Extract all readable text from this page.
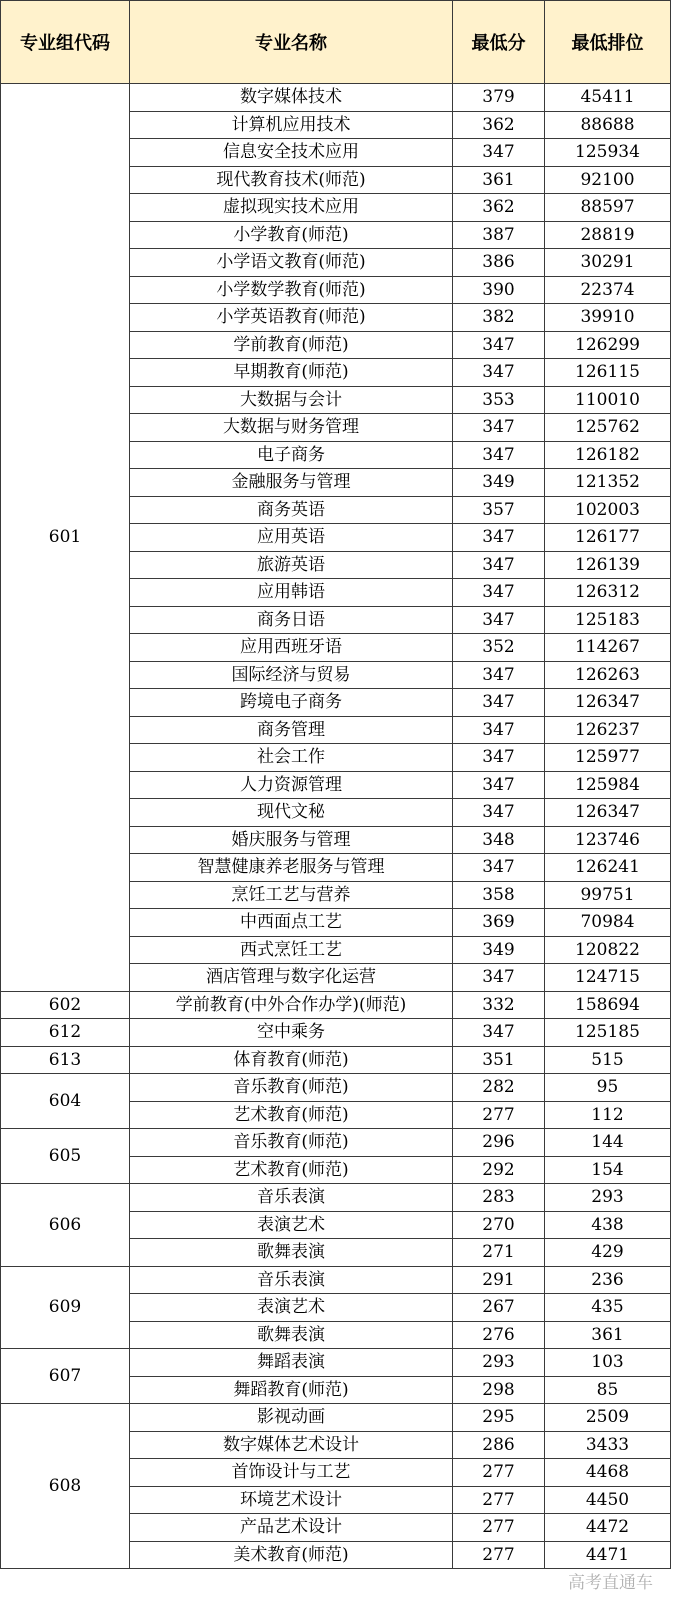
专业组代码	专业名称	最低分	最低排位
601	数字媒体技术	379	45411
	计算机应用技术	362	88688
	信息安全技术应用	347	125934
	现代教育技术(师范)	361	92100
	虚拟现实技术应用	362	88597
	小学教育(师范)	387	28819
	小学语文教育(师范)	386	30291
	小学数学教育(师范)	390	22374
	小学英语教育(师范)	382	39910
	学前教育(师范)	347	126299
	早期教育(师范)	347	126115
	大数据与会计	353	110010
	大数据与财务管理	347	125762
	电子商务	347	126182
	金融服务与管理	349	121352
	商务英语	357	102003
	应用英语	347	126177
	旅游英语	347	126139
	应用韩语	347	126312
	商务日语	347	125183
	应用西班牙语	352	114267
	国际经济与贸易	347	126263
	跨境电子商务	347	126347
	商务管理	347	126237
	社会工作	347	125977
	人力资源管理	347	125984
	现代文秘	347	126347
	婚庆服务与管理	348	123746
	智慧健康养老服务与管理	347	126241
	烹饪工艺与营养	358	99751
	中西面点工艺	369	70984
	西式烹饪工艺	349	120822
	酒店管理与数字化运营	347	124715
602	学前教育(中外合作办学)(师范)	332	158694
612	空中乘务	347	125185
613	体育教育(师范)	351	515
604	音乐教育(师范)	282	95
	艺术教育(师范)	277	112
605	音乐教育(师范)	296	144
	艺术教育(师范)	292	154
606	音乐表演	283	293
	表演艺术	270	438
	歌舞表演	271	429
609	音乐表演	291	236
	表演艺术	267	435
	歌舞表演	276	361
607	舞蹈表演	293	103
	舞蹈教育(师范)	298	85
608	影视动画	295	2509
	数字媒体艺术设计	286	3433
	首饰设计与工艺	277	4468
	环境艺术设计	277	4450
	产品艺术设计	277	4472
	美术教育(师范)	277	4471
高考直通车
